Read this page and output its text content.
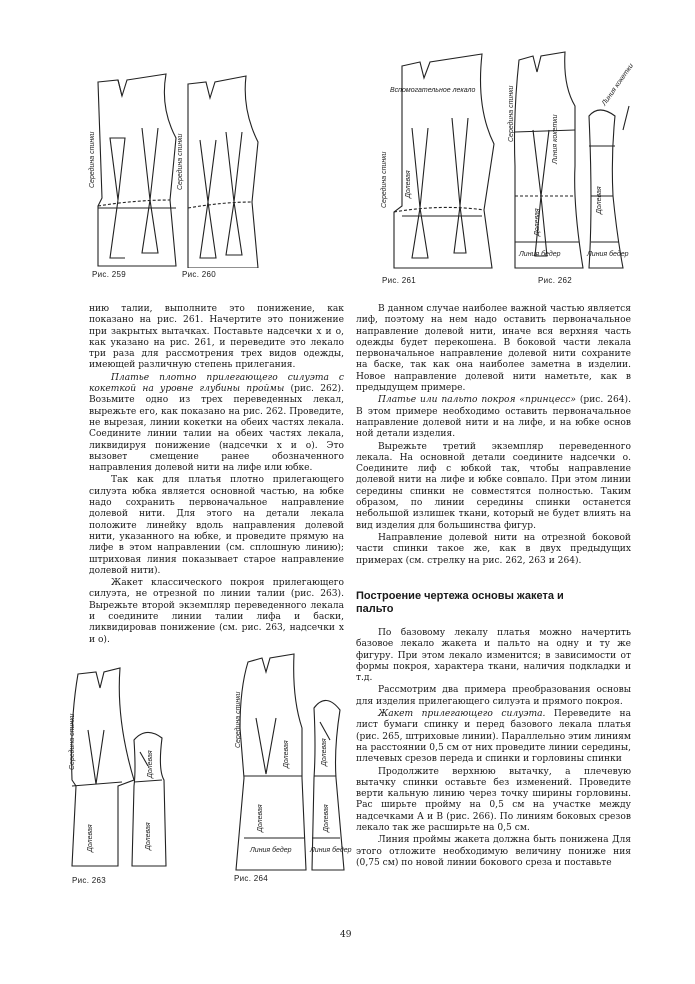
Середина спинки
Рис. 259
Середина спинки
Рис. 260
Вспомогательное лекало
Середина спинки Долевая
Рис. 261
Середина спинки	Линия кокетки
Долевая
Долевая
Линия бедер	Линия бедер
Линия кокетки
Рис. 262

нию талии, выполните это понижение, как показано на рис. 261. Начертите это понижение при закрытых вытачках. Поставьте надсечки x и o, как указано на рис. 261, и переведите это лекало три раза для рассмотрения трех видов одежды, имеющей различную степень прилегания.

Платье плотно прилегающего силуэта с кокеткой на уровне глубины проймы (рис. 262). Возьмите одно из трех переведенных лекал, вырежьте его, как показано на рис. 262. Проведите, не вырезая, линии кокетки на обеих частях лекала. Соедините линии талии на обеих частях лекала, ликвидируя понижение (надсечки x и o). Это вызовет смещение ранее обозначенного направления долевой нити на лифе или юбке.

Так как для платья плотно прилегающего силуэта юбка является основной частью, на юбке надо сохранить первоначальное направление долевой нити. Для этого на детали лекала положите линейку вдоль направления долевой нити, указанного на юбке, и проведите прямую на лифе в этом направлении (см. сплошную линию); штриховая линия показывает старое направление долевой нити).

Жакет классического покроя прилегающего силуэта, не отрезной по линии талии (рис. 263). Вырежьте второй экземпляр переведенного лекала и соедините линии талии лифа и баски, ликвидировав понижение (см. рис. 263, надсечки x и o).

В данном случае наиболее важной частью является лиф, поэтому на нем надо оставить первоначальное направление долевой нити, иначе вся верхняя часть одежды будет перекошена. В боковой части лекала первоначальное направление долевой нити сохраните на баске, так как она наиболее заметна в изделии. Новое направление долевой нити наметьте, как в предыдущем примере.

Платье или пальто покроя «принцесс» (рис. 264). В этом примере необходимо оставить первоначальное направление долевой нити и на лифе, и на юбке основ ной детали изделия.

Вырежьте третий экземпляр переведенного лекала. На основной детали соедините надсечки о. Соедините лиф с юбкой так, чтобы направление долевой нити на лифе и юбке совпало. При этом линии середины спинки не совместятся полностью. Таким образом, по линии середины спинки останется небольшой излишек ткани, который не будет влиять на вид изделия для большинства фигур.

Направление долевой нити на отрезной боковой части спинки такое же, как в двух предыдущих примерах (см. стрелку на рис. 262, 263 и 264).

Построение чертежа основы жакета и пальто

По базовому лекалу платья можно начертить базовое лекало жакета и пальто на одну и ту же фигуру. При этом лекало изменится; в зависимости от формы покроя, характера ткани, наличия подкладки и т.д.

Рассмотрим два примера преобразования основы для изделия прилегающего силуэта и прямого покроя.

Жакет прилегающего силуэта. Переведите на лист бумаги спинку и перед базового лекала платья (рис. 265, штриховые линии). Параллельно этим линиям на расстоянии 0,5 см от них проведите линии середины, плечевых срезов переда и спинки и горловины спинки

Продолжите верхнюю вытачку, а плечевую вытачку спинки оставьте без изменений. Проведите верти кальную линию через точку ширины горловины. Рас ширьте пройму на 0,5 см на участке между надсечками А и В (рис. 266). По линиям боковых срезов лекало так же расширьте на 0,5 см.

Линия проймы жакета должна быть понижена Для этого отложите необходимую величину пониже ния (0,75 см) по новой линии бокового среза и поставьте

Середина спинки
Долевая
Долевая
Долевая
Рис. 263
Середина спинки
Долевая
Долевая
Долевая
Долевая
Линия бедер	Линия бедер
Рис. 264
49
